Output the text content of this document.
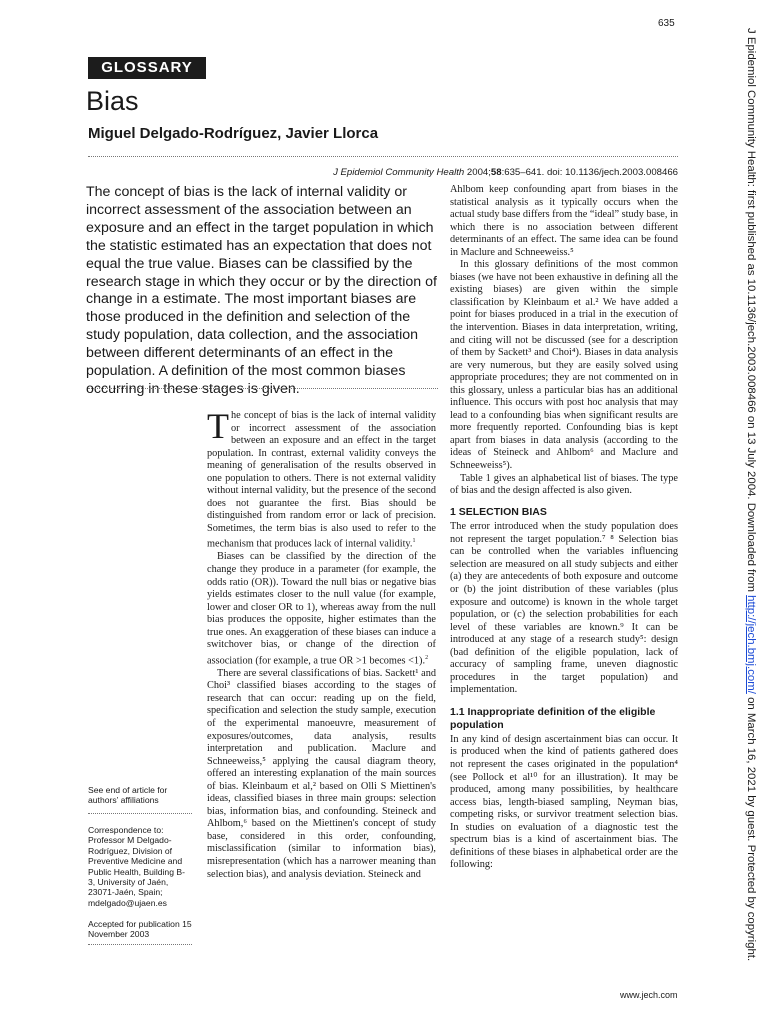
635
GLOSSARY
Bias
Miguel Delgado-Rodríguez, Javier Llorca
J Epidemiol Community Health 2004;58:635–641. doi: 10.1136/jech.2003.008466

The concept of bias is the lack of internal validity or incorrect assessment of the association between an exposure and an effect in the target population in which the statistic estimated has an expectation that does not equal the true value. Biases can be classified by the research stage in which they occur or by the direction of change in a estimate. The most important biases are those produced in the definition and selection of the study population, data collection, and the association between different determinants of an effect in the population. A definition of the most common biases occurring in these stages is given.

The concept of bias is the lack of internal validity or incorrect assessment of the association between an exposure and an effect in the target population. In contrast, external validity conveys the meaning of generalisation of the results observed in one population to others. There is not external validity without internal validity, but the presence of the second does not guarantee the first. Bias should be distinguished from random error or lack of precision. Sometimes, the term bias is also used to refer to the mechanism that produces lack of internal validity.$^1$

Biases can be classified by the direction of the change they produce in a parameter (for example, the odds ratio (OR)). Toward the null bias or negative bias yields estimates closer to the null value (for example, lower and closer OR to 1), whereas away from the null bias produces the opposite, higher estimates than the true ones. An exaggeration of these biases can induce a switchover bias, or change of the direction of association (for example, a true OR >1 becomes <1).$^2$

There are several classifications of bias. Sackett¹ and Choi³ classified biases according to the stages of research that can occur: reading up on the field, specification and selection the study sample, execution of the experimental manoeuvre, measurement of exposures/outcomes, data analysis, results interpretation and publication. Maclure and Schneeweiss,⁵ applying the causal diagram theory, offered an interesting explanation of the main sources of bias. Kleinbaum et al,² based on Olli S Miettinen's ideas, classified biases in three main groups: selection bias, information bias, and confounding. Steineck and Ahlbom,⁶ based on the Miettinen's concept of study base, considered in this order, confounding, misclassification (similar to information bias), misrepresentation (which has a narrower meaning than selection bias), and analysis deviation. Steineck and

Ahlbom keep confounding apart from biases in the statistical analysis as it typically occurs when the actual study base differs from the “ideal” study base, in which there is no association between different determinants of an effect. The same idea can be found in Maclure and Schneeweiss.⁵

In this glossary definitions of the most common biases (we have not been exhaustive in defining all the existing biases) are given within the simple classification by Kleinbaum et al.² We have added a point for biases produced in a trial in the execution of the intervention. Biases in data interpretation, writing, and citing will not be discussed (see for a description of them by Sackett³ and Choi⁴). Biases in data analysis are very numerous, but they are easily solved using appropriate procedures; they are not commented on in this glossary, unless a particular bias has an additional influence. This occurs with post hoc analysis that may lead to a confounding bias when significant results are more frequently reported. Confounding bias is kept apart from biases in data analysis (according to the ideas of Steineck and Ahlbom⁶ and Maclure and Schneeweiss⁵).

Table 1 gives an alphabetical list of biases. The type of bias and the design affected is also given.

1 SELECTION BIAS

The error introduced when the study population does not represent the target population.⁷ ⁸ Selection bias can be controlled when the variables influencing selection are measured on all study subjects and either (a) they are antecedents of both exposure and outcome or (b) the joint distribution of these variables (plus exposure and outcome) is known in the whole target population, or (c) the selection probabilities for each level of these variables are known.⁹ It can be introduced at any stage of a research study⁵: design (bad definition of the eligible population, lack of accuracy of sampling frame, uneven diagnostic procedures in the target population) and implementation.

1.1 Inappropriate definition of the eligible population

In any kind of design ascertainment bias can occur. It is produced when the kind of patients gathered does not represent the cases originated in the population⁴ (see Pollock et al¹⁰ for an illustration). It may be produced, among many possibilities, by healthcare access bias, length-biased sampling, Neyman bias, competing risks, or survivor treatment selection bias. In studies on evaluation of a diagnostic test the spectrum bias is a kind of ascertainment bias. The definitions of these biases in alphabetical order are the following:

See end of article for authors’ affiliations

Correspondence to: Professor M Delgado-Rodríguez, Division of Preventive Medicine and Public Health, Building B-3, University of Jaén, 23071-Jaén, Spain; mdelgado@ujaen.es

Accepted for publication 15 November 2003

www.jech.com
J Epidemiol Community Health: first published as 10.1136/jech.2003.008466 on 13 July 2004. Downloaded from http://jech.bmj.com/ on March 16, 2021 by guest. Protected by copyright.
